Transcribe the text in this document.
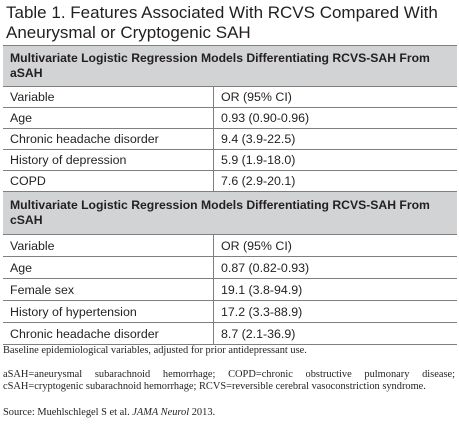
Table 1. Features Associated With RCVS Compared With Aneurysmal or Cryptogenic SAH
Multivariate Logistic Regression Models Differentiating RCVS-SAH From aSAH
Variable	OR (95% CI)
Age	0.93 (0.90-0.96)
Chronic headache disorder	9.4 (3.9-22.5)
History of depression	5.9 (1.9-18.0)
COPD	7.6 (2.9-20.1)
Multivariate Logistic Regression Models Differentiating RCVS-SAH From cSAH
Variable	OR (95% CI)
Age	0.87 (0.82-0.93)
Female sex	19.1 (3.8-94.9)
History of hypertension	17.2 (3.3-88.9)
Chronic headache disorder	8.7 (2.1-36.9)

Baseline epidemiological variables, adjusted for prior antidepressant use.

aSAH=aneurysmal subarachnoid hemorrhage; COPD=chronic obstructive pulmonary disease; cSAH=cryptogenic subarachnoid hemorrhage; RCVS=reversible cerebral vasoconstriction syndrome.

Source: Muehlschlegel S et al. JAMA Neurol 2013.
